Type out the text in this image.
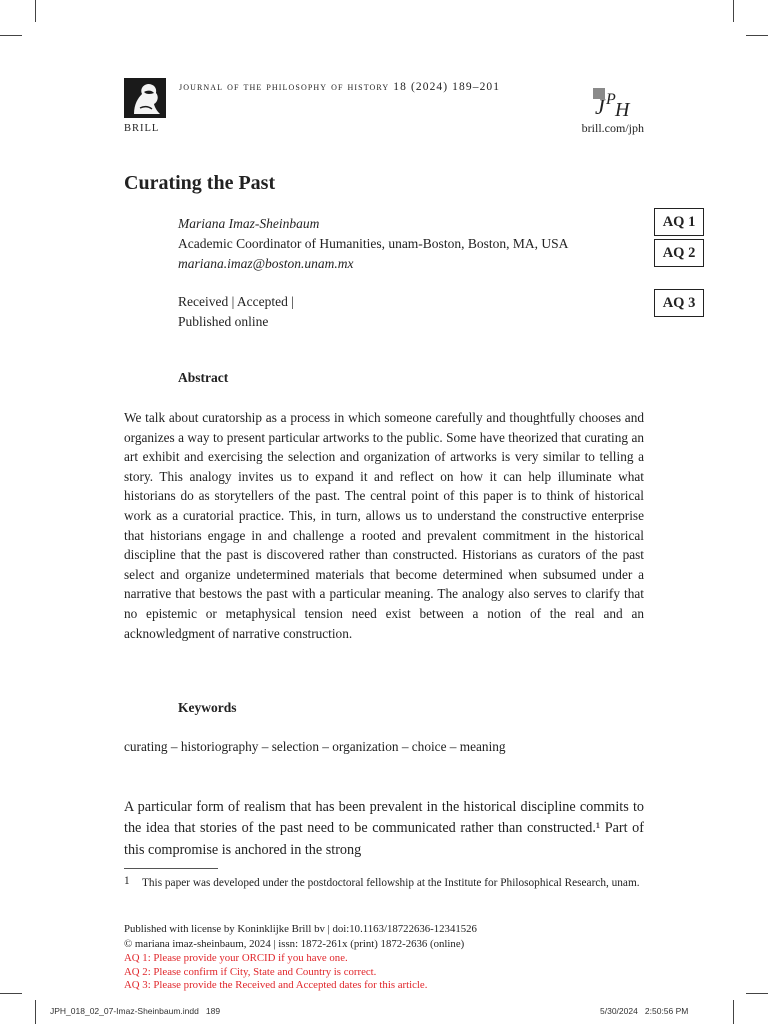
BRILL
journal of the philosophy of history 18 (2024) 189–201
J P H
brill.com/jph
Curating the Past
Mariana Imaz-Sheinbaum
Academic Coordinator of Humanities, unam-Boston, Boston, MA, USA
mariana.imaz@boston.unam.mx
Received | Accepted |
Published online
AQ 1
AQ 2
AQ 3
Abstract
We talk about curatorship as a process in which someone carefully and thoughtfully chooses and organizes a way to present particular artworks to the public. Some have theorized that curating an art exhibit and exercising the selection and organization of artworks is very similar to telling a story. This analogy invites us to expand it and reflect on how it can help illuminate what historians do as storytellers of the past. The central point of this paper is to think of historical work as a curatorial practice. This, in turn, allows us to understand the constructive enterprise that historians engage in and challenge a rooted and prevalent commitment in the historical discipline that the past is discovered rather than constructed. Historians as curators of the past select and organize undetermined materials that become determined when subsumed under a narrative that bestows the past with a particular meaning. The analogy also serves to clarify that no epistemic or metaphysical tension need exist between a notion of the real and an acknowledgment of narrative construction.
Keywords
curating – historiography – selection – organization – choice – meaning
A particular form of realism that has been prevalent in the historical discipline commits to the idea that stories of the past need to be communicated rather than constructed.¹ Part of this compromise is anchored in the strong
1 This paper was developed under the postdoctoral fellowship at the Institute for Philosophical Research, unam.
Published with license by Koninklijke Brill bv | doi:10.1163/18722636-12341526
© mariana imaz-sheinbaum, 2024 | issn: 1872-261x (print) 1872-2636 (online)
AQ 1: Please provide your ORCID if you have one.
AQ 2: Please confirm if City, State and Country is correct.
AQ 3: Please provide the Received and Accepted dates for this article.
JPH_018_02_07-Imaz-Sheinbaum.indd   189	5/30/2024   2:50:56 PM
